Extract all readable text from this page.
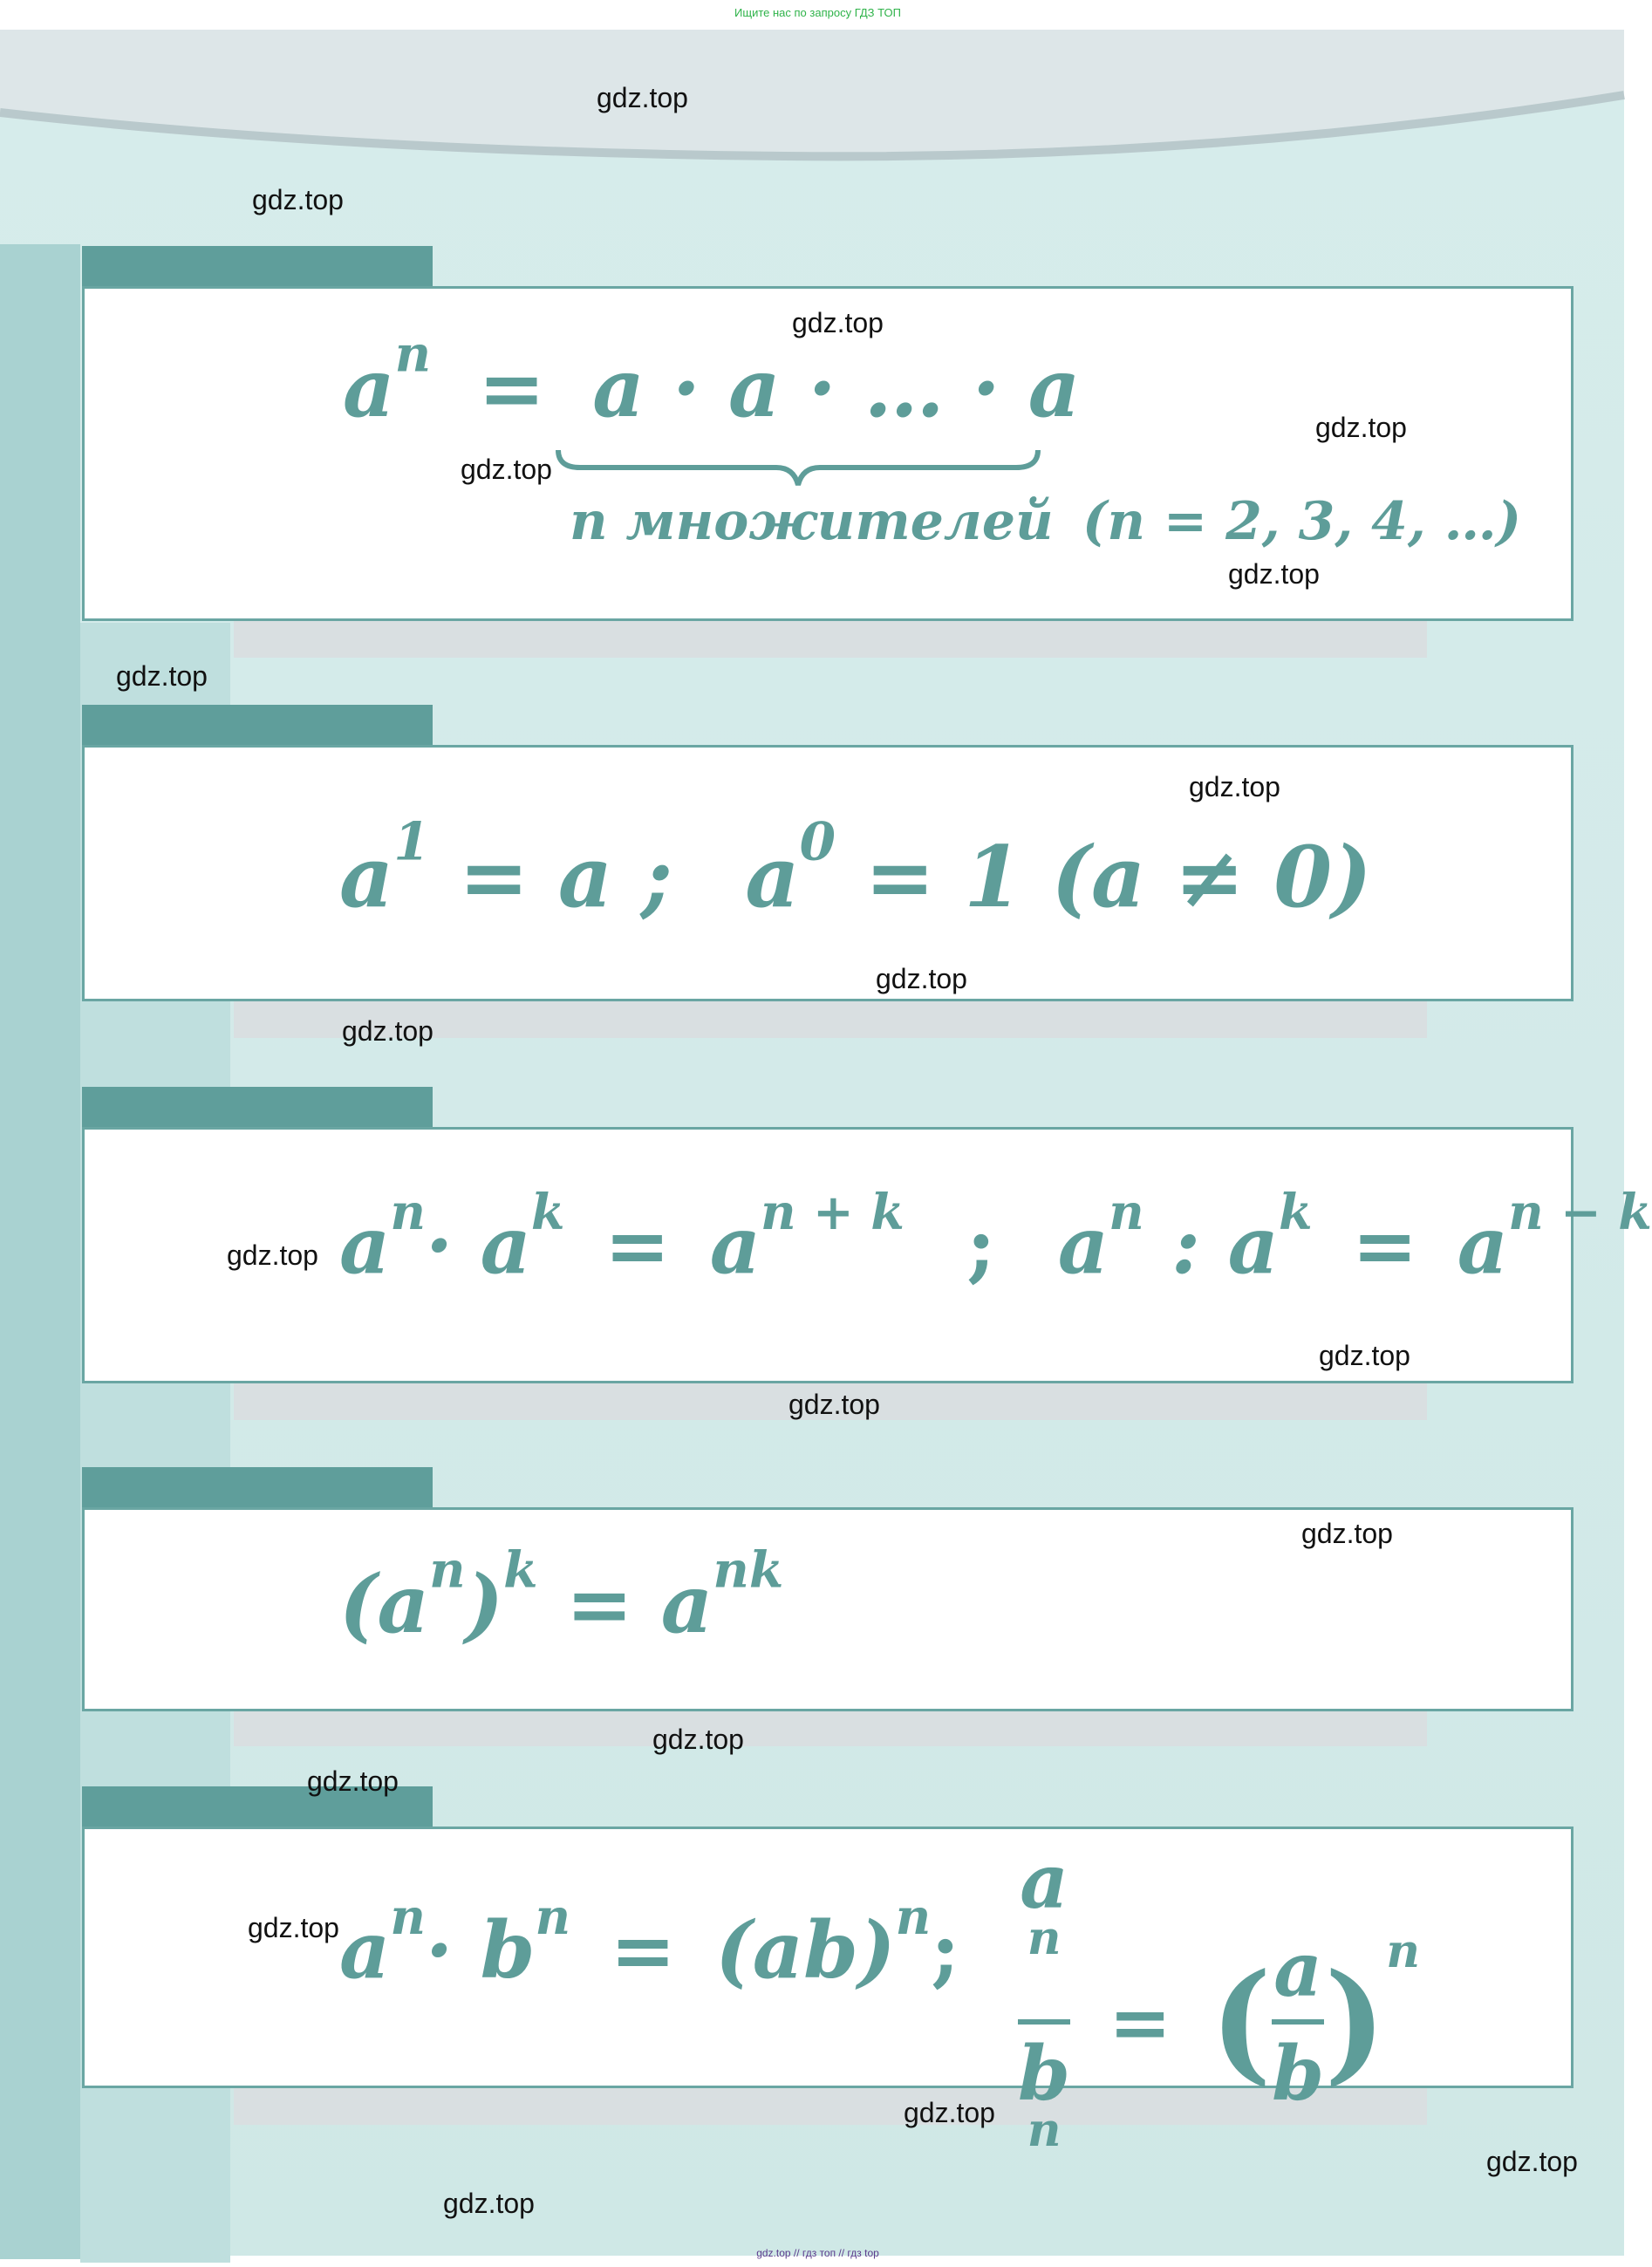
Ищите нас по запросу ГДЗ ТОП
$a^n = a \cdot a$ · … · a
n множителей (n = 2, 3, 4, …)
$a^1 = a$ ; $a^0 = 1$ (a ≠ 0)
$a^n\cdot a^k = a^{n + k}$ ; $a^n$ : $a^k = a^{n - k}$
$(a^n)^k = a^{nk}$
$a^n\cdot b^n = (ab)^n$;
a
$^n$
b
$^n$
= ( a
b )$^n$
gdz.top
gdz.top
gdz.top
gdz.top
gdz.top
gdz.top
gdz.top
gdz.top
gdz.top
gdz.top
gdz.top
gdz.top
gdz.top
gdz.top
gdz.top
gdz.top
gdz.top
gdz.top
gdz.top
gdz.top
gdz.top // гдз топ // гдз top
